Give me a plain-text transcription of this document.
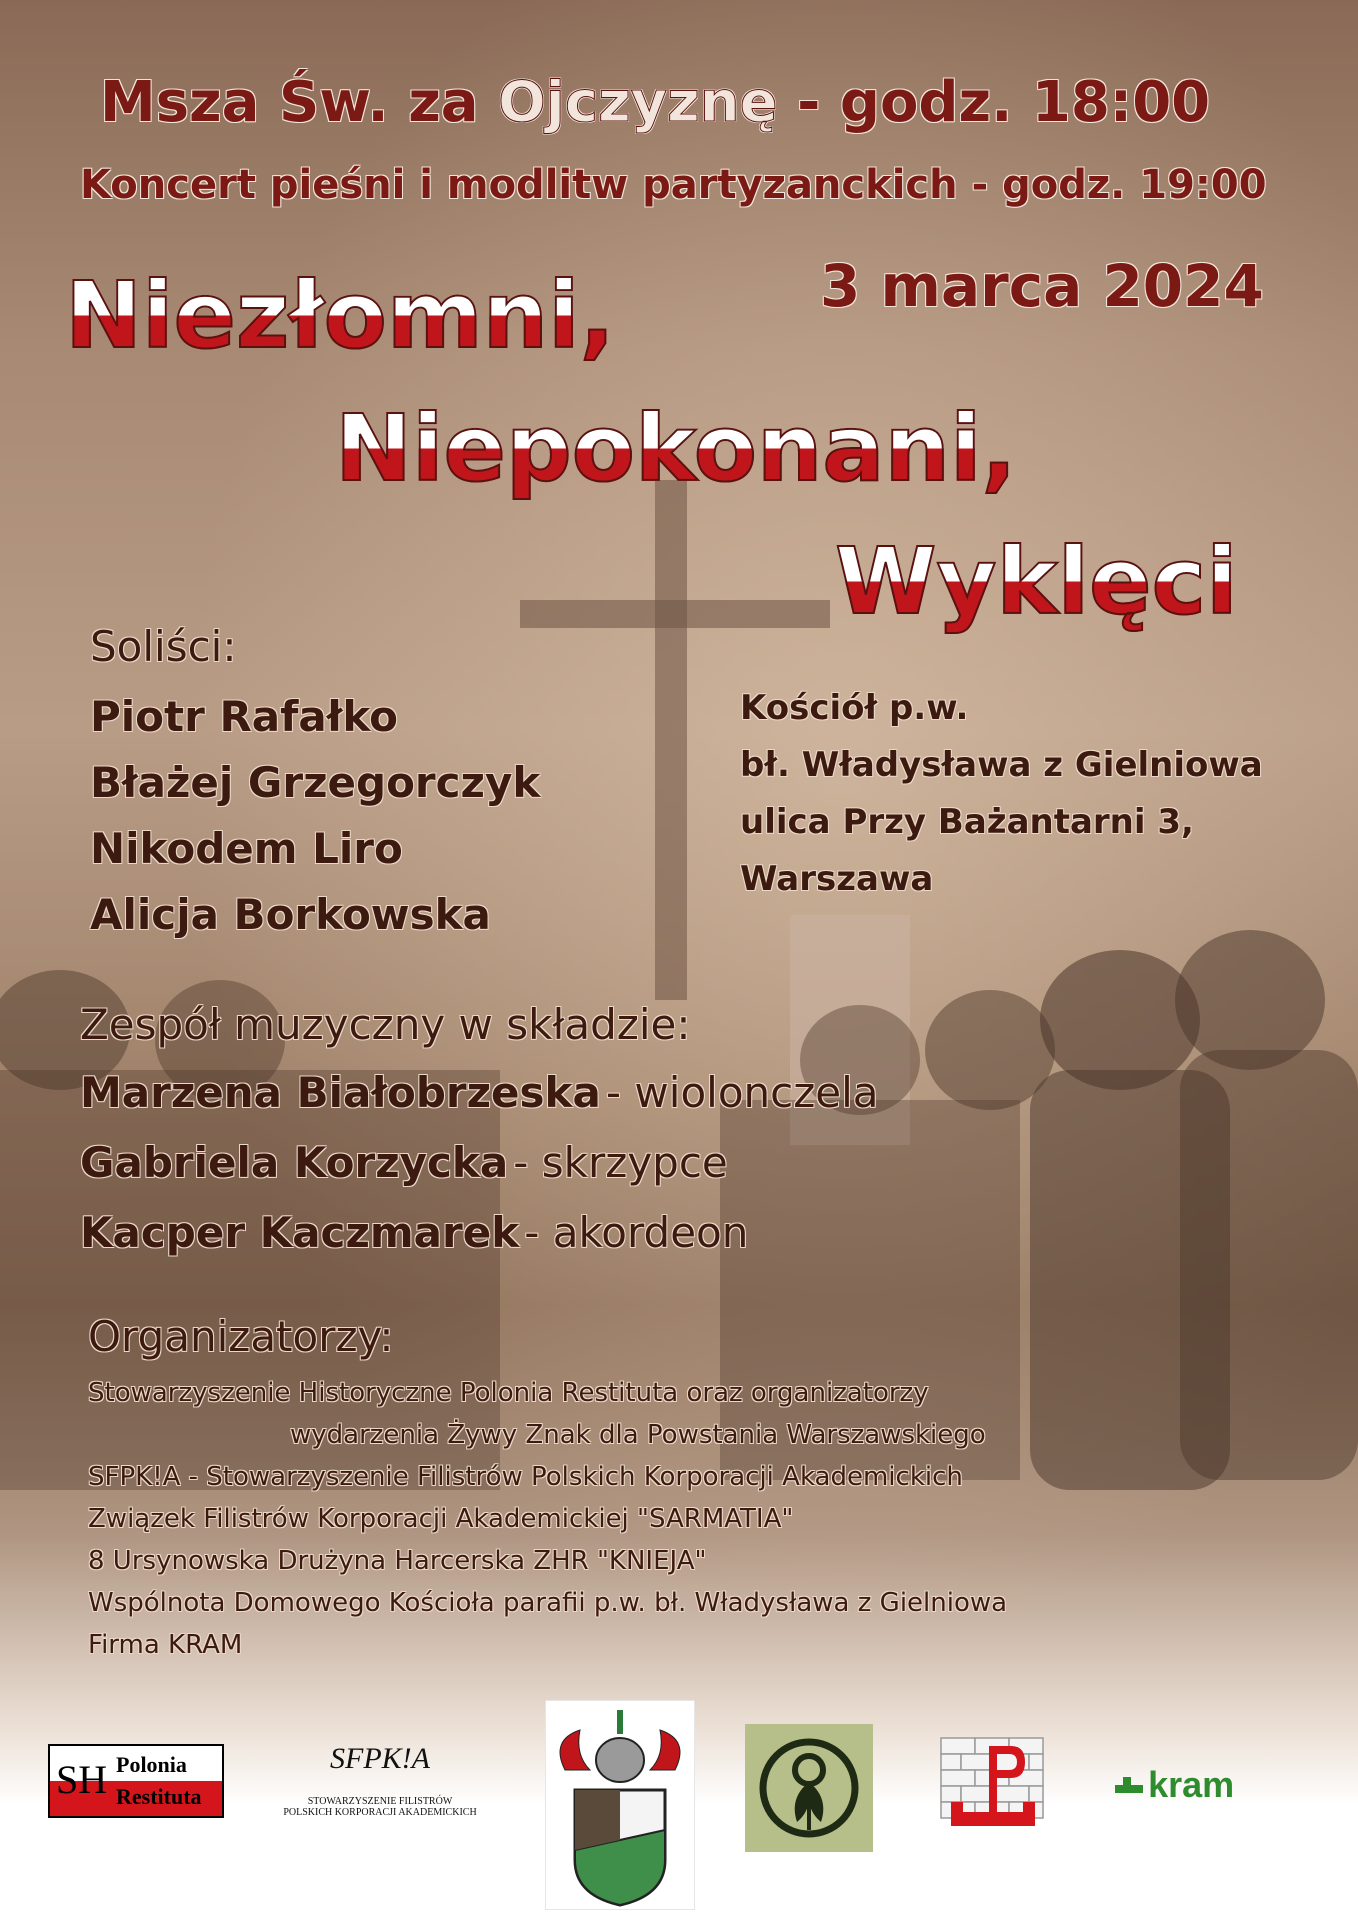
Msza Św. za Ojczyznę - godz. 18:00
Koncert pieśni i modlitw partyzanckich - godz. 19:00
3 marca 2024
Niezłomni,
Niepokonani,
Wyklęci
Soliści:
Piotr Rafałko
Błażej Grzegorczyk
Nikodem Liro
Alicja Borkowska
Kościół p.w.
bł. Władysława z Gielniowa
ulica Przy Bażantarni 3,
Warszawa
Zespół muzyczny w składzie:
Marzena Białobrzeska - wiolonczela
Gabriela Korzycka - skrzypce
Kacper Kaczmarek - akordeon
Organizatorzy:
Stowarzyszenie Historyczne Polonia Restituta oraz organizatorzy
wydarzenia Żywy Znak dla Powstania Warszawskiego
SFPK!A - Stowarzyszenie Filistrów Polskich Korporacji Akademickich
Związek Filistrów Korporacji Akademickiej "SARMATIA"
8 Ursynowska Drużyna Harcerska ZHR "KNIEJA"
Wspólnota Domowego Kościoła parafii p.w. bł. Władysława z Gielniowa
Firma KRAM
SH Polonia
Restituta
SFPK!A
STOWARZYSZENIE FILISTRÓW
POLSKICH KORPORACJI AKADEMICKICH
kram
